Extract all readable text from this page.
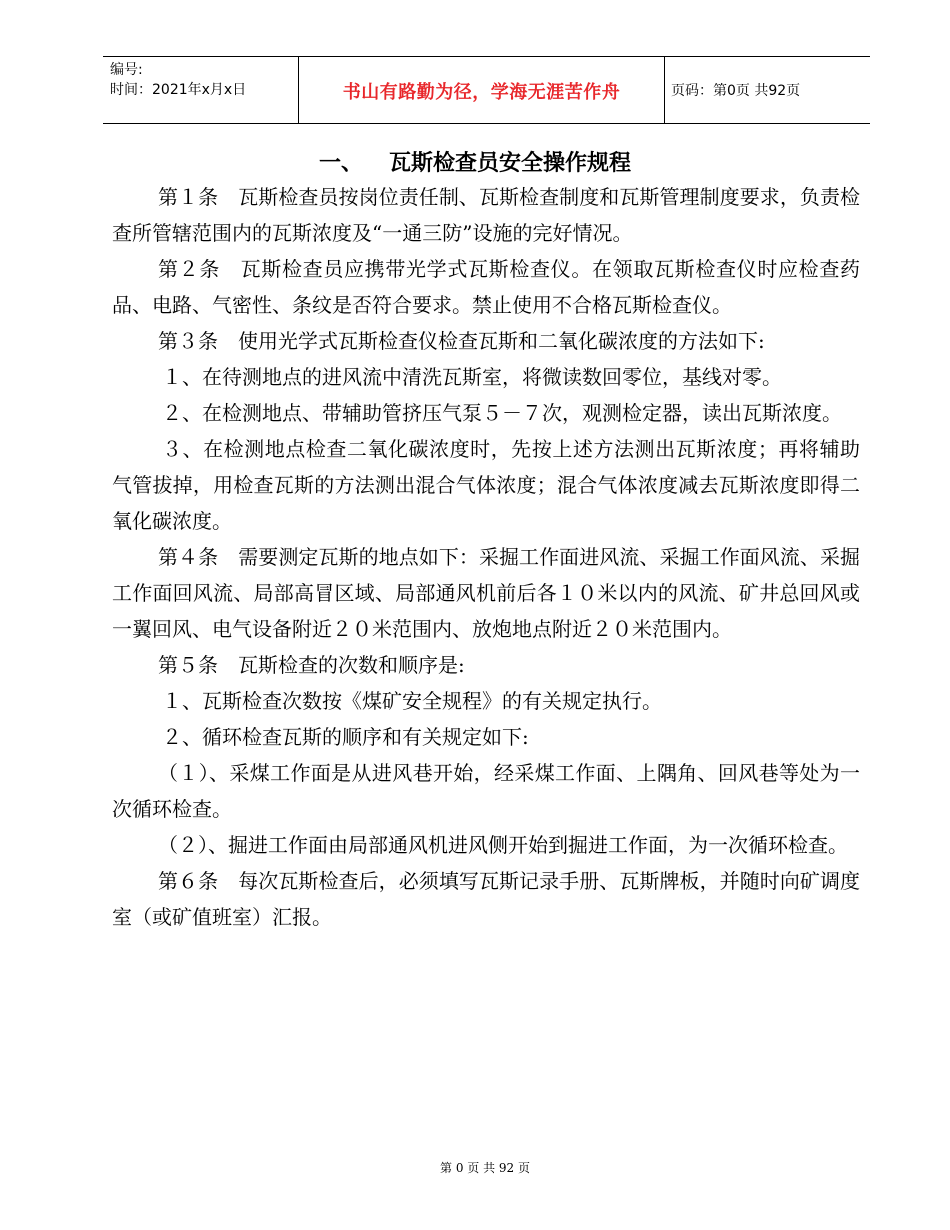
编号:
时间：2021年x月x日	书山有路勤为径，学海无涯苦作舟	页码：第0页 共92页
一、 瓦斯检查员安全操作规程

第１条　瓦斯检查员按岗位责任制、瓦斯检查制度和瓦斯管理制度要求，负责检查所管辖范围内的瓦斯浓度及“一通三防”设施的完好情况。

第２条　瓦斯检查员应携带光学式瓦斯检查仪。在领取瓦斯检查仪时应检查药品、电路、气密性、条纹是否符合要求。禁止使用不合格瓦斯检查仪。

第３条　使用光学式瓦斯检查仪检查瓦斯和二氧化碳浓度的方法如下:

１、在待测地点的进风流中清洗瓦斯室，将微读数回零位，基线对零。

２、在检测地点、带辅助管挤压气泵５－７次，观测检定器，读出瓦斯浓度。

３、在检测地点检查二氧化碳浓度时，先按上述方法测出瓦斯浓度；再将辅助气管拔掉，用检查瓦斯的方法测出混合气体浓度；混合气体浓度减去瓦斯浓度即得二氧化碳浓度。

第４条　需要测定瓦斯的地点如下：采掘工作面进风流、采掘工作面风流、采掘工作面回风流、局部高冒区域、局部通风机前后各１０米以内的风流、矿井总回风或一翼回风、电气设备附近２０米范围内、放炮地点附近２０米范围内。

第５条　瓦斯检查的次数和顺序是:

１、瓦斯检查次数按《煤矿安全规程》的有关规定执行。

２、循环检查瓦斯的顺序和有关规定如下:

（１）、采煤工作面是从进风巷开始，经采煤工作面、上隅角、回风巷等处为一次循环检查。

（２）、掘进工作面由局部通风机进风侧开始到掘进工作面，为一次循环检查。

第６条　每次瓦斯检查后，必须填写瓦斯记录手册、瓦斯牌板，并随时向矿调度室（或矿值班室）汇报。

第 0 页 共 92 页
